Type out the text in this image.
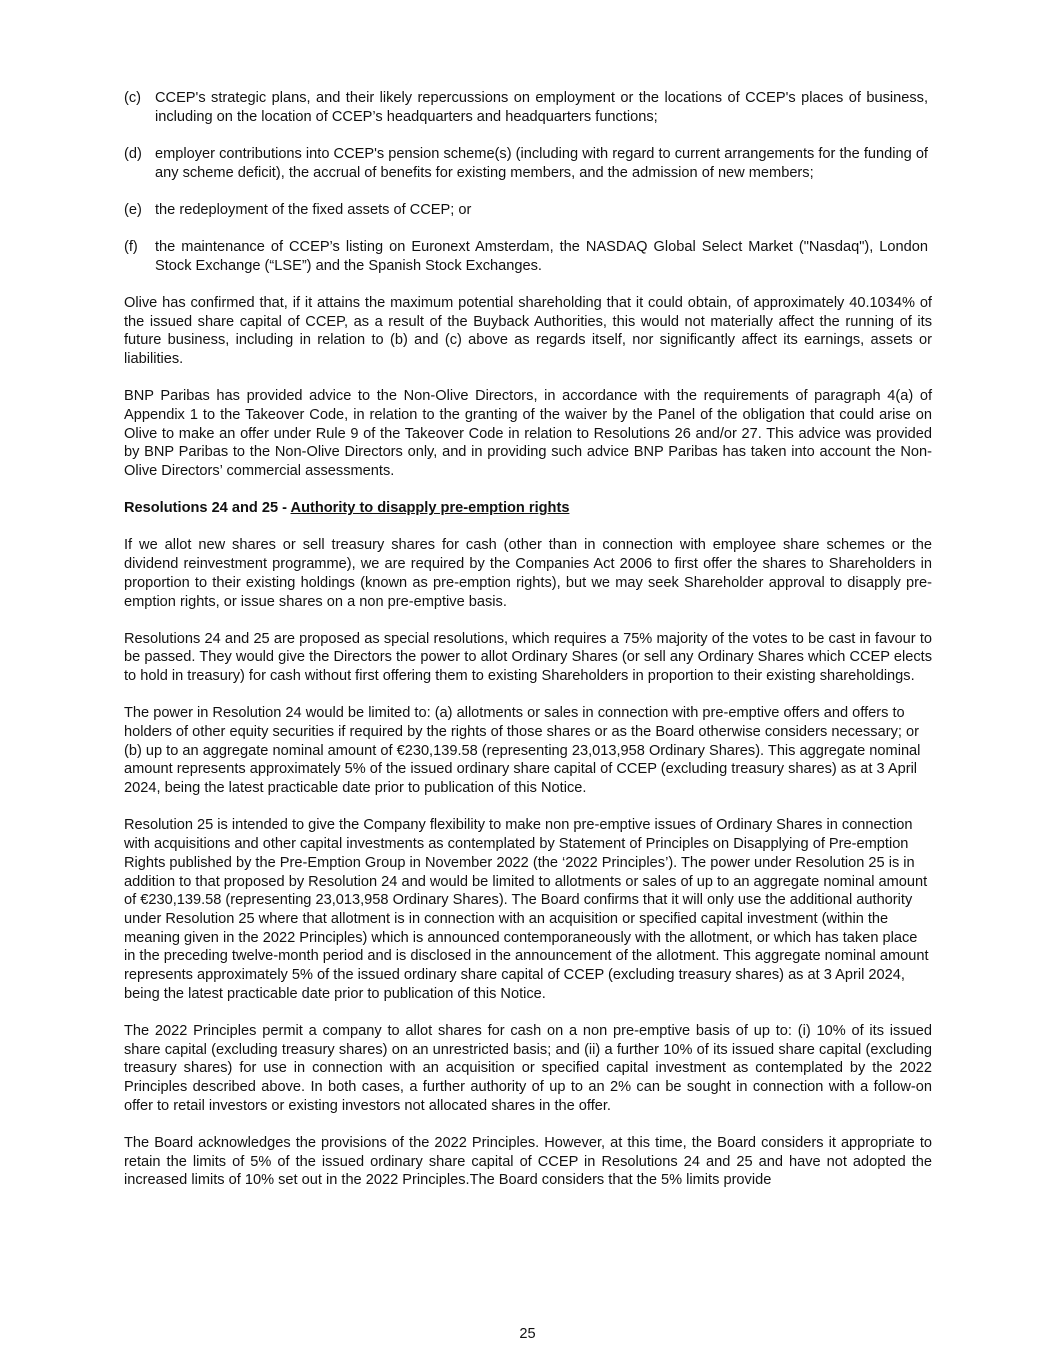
(c) CCEP's strategic plans, and their likely repercussions on employment or the locations of CCEP's places of business, including on the location of CCEP’s headquarters and headquarters functions;
(d) employer contributions into CCEP's pension scheme(s) (including with regard to current arrangements for the funding of any scheme deficit), the accrual of benefits for existing members, and the admission of new members;
(e) the redeployment of the fixed assets of CCEP; or
(f)	the maintenance of CCEP’s listing on Euronext Amsterdam, the NASDAQ Global Select Market ("Nasdaq"), London Stock Exchange (“LSE”) and the Spanish Stock Exchanges.

Olive has confirmed that, if it attains the maximum potential shareholding that it could obtain, of approximately 40.1034% of the issued share capital of CCEP, as a result of the Buyback Authorities, this would not materially affect the running of its future business, including in relation to (b) and (c) above as regards itself, nor significantly affect its earnings, assets or liabilities.

BNP Paribas has provided advice to the Non-Olive Directors, in accordance with the requirements of paragraph 4(a) of Appendix 1 to the Takeover Code, in relation to the granting of the waiver by the Panel of the obligation that could arise on Olive to make an offer under Rule 9 of the Takeover Code in relation to Resolutions 26 and/or 27. This advice was provided by BNP Paribas to the Non-Olive Directors only, and in providing such advice BNP Paribas has taken into account the Non-Olive Directors’ commercial assessments.

Resolutions 24 and 25 - Authority to disapply pre-emption rights

If we allot new shares or sell treasury shares for cash (other than in connection with employee share schemes or the dividend reinvestment programme), we are required by the Companies Act 2006 to first offer the shares to Shareholders in proportion to their existing holdings (known as pre-emption rights), but we may seek Shareholder approval to disapply pre-emption rights, or issue shares on a non pre-emptive basis.

Resolutions 24 and 25 are proposed as special resolutions, which requires a 75% majority of the votes to be cast in favour to be passed. They would give the Directors the power to allot Ordinary Shares (or sell any Ordinary Shares which CCEP elects to hold in treasury) for cash without first offering them to existing Shareholders in proportion to their existing shareholdings.

The power in Resolution 24 would be limited to: (a) allotments or sales in connection with pre-emptive offers and offers to holders of other equity securities if required by the rights of those shares or as the Board otherwise considers necessary; or (b) up to an aggregate nominal amount of €230,139.58 (representing 23,013,958 Ordinary Shares). This aggregate nominal amount represents approximately 5% of the issued ordinary share capital of CCEP (excluding treasury shares) as at 3 April 2024, being the latest practicable date prior to publication of this Notice.

Resolution 25 is intended to give the Company flexibility to make non pre-emptive issues of Ordinary Shares in connection with acquisitions and other capital investments as contemplated by Statement of Principles on Disapplying of Pre-emption Rights published by the Pre-Emption Group in November 2022 (the ‘2022 Principles’). The power under Resolution 25 is in addition to that proposed by Resolution 24 and would be limited to allotments or sales of up to an aggregate nominal amount of €230,139.58 (representing 23,013,958 Ordinary Shares). The Board confirms that it will only use the additional authority under Resolution 25 where that allotment is in connection with an acquisition or specified capital investment (within the meaning given in the 2022 Principles) which is announced contemporaneously with the allotment, or which has taken place in the preceding twelve-month period and is disclosed in the announcement of the allotment. This aggregate nominal amount represents approximately 5% of the issued ordinary share capital of CCEP (excluding treasury shares) as at 3 April 2024, being the latest practicable date prior to publication of this Notice.

The 2022 Principles permit a company to allot shares for cash on a non pre-emptive basis of up to: (i) 10% of its issued share capital (excluding treasury shares) on an unrestricted basis; and (ii) a further 10% of its issued share capital (excluding treasury shares) for use in connection with an acquisition or specified capital investment as contemplated by the 2022 Principles described above. In both cases, a further authority of up to an 2% can be sought in connection with a follow-on offer to retail investors or existing investors not allocated shares in the offer.

The Board acknowledges the provisions of the 2022 Principles. However, at this time, the Board considers it appropriate to retain the limits of 5% of the issued ordinary share capital of CCEP in Resolutions 24 and 25 and have not adopted the increased limits of 10% set out in the 2022 Principles.The Board considers that the 5% limits provide

25
